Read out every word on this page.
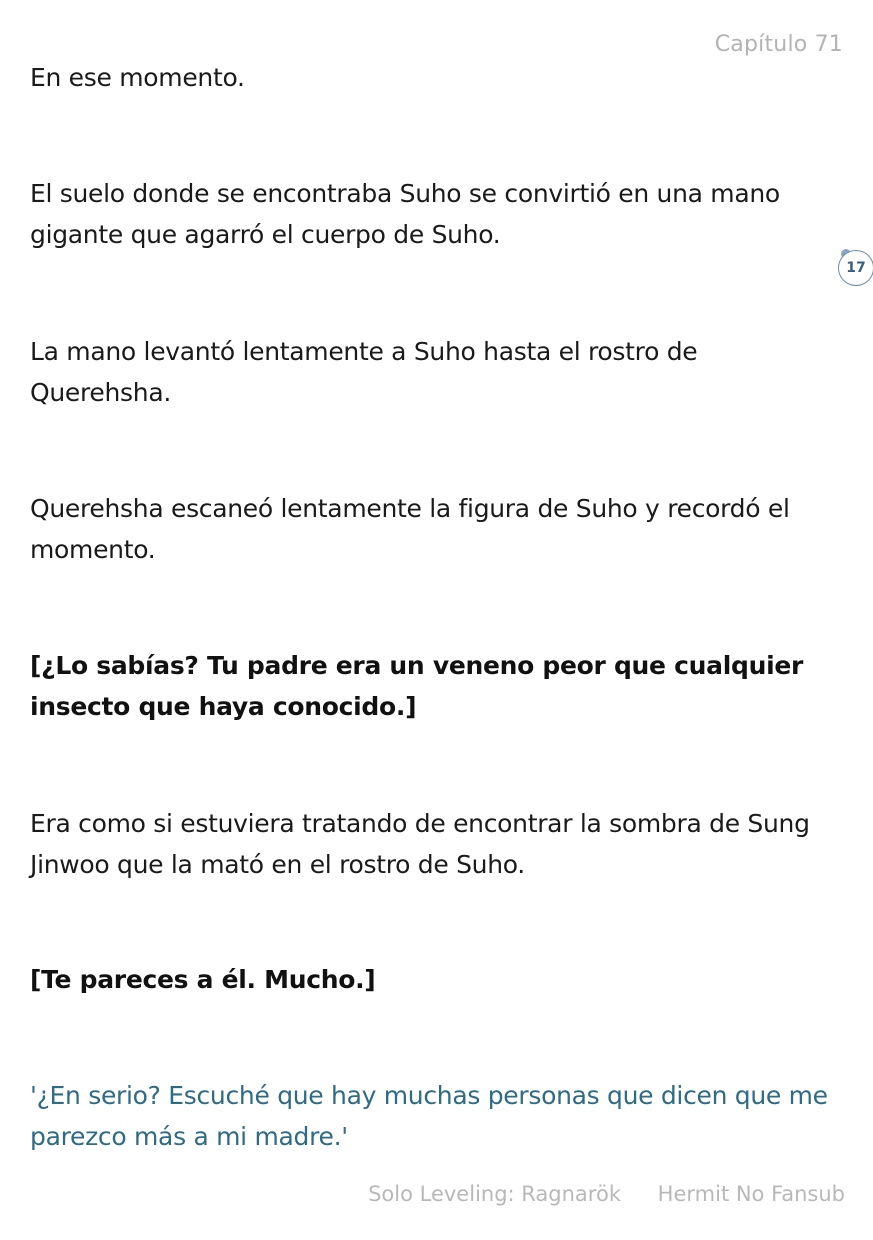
Capítulo 71

En ese momento.

El suelo donde se encontraba Suho se convirtió en una mano gigante que agarró el cuerpo de Suho.

La mano levantó lentamente a Suho hasta el rostro de Querehsha.

Querehsha escaneó lentamente la figura de Suho y recordó el momento.

[¿Lo sabías? Tu padre era un veneno peor que cualquier insecto que haya conocido.]

Era como si estuviera tratando de encontrar la sombra de Sung Jinwoo que la mató en el rostro de Suho.

[Te pareces a él. Mucho.]

'¿En serio? Escuché que hay muchas personas que dicen que me parezco más a mi madre.'

17
Solo Leveling: Ragnarök Hermit No Fansub
